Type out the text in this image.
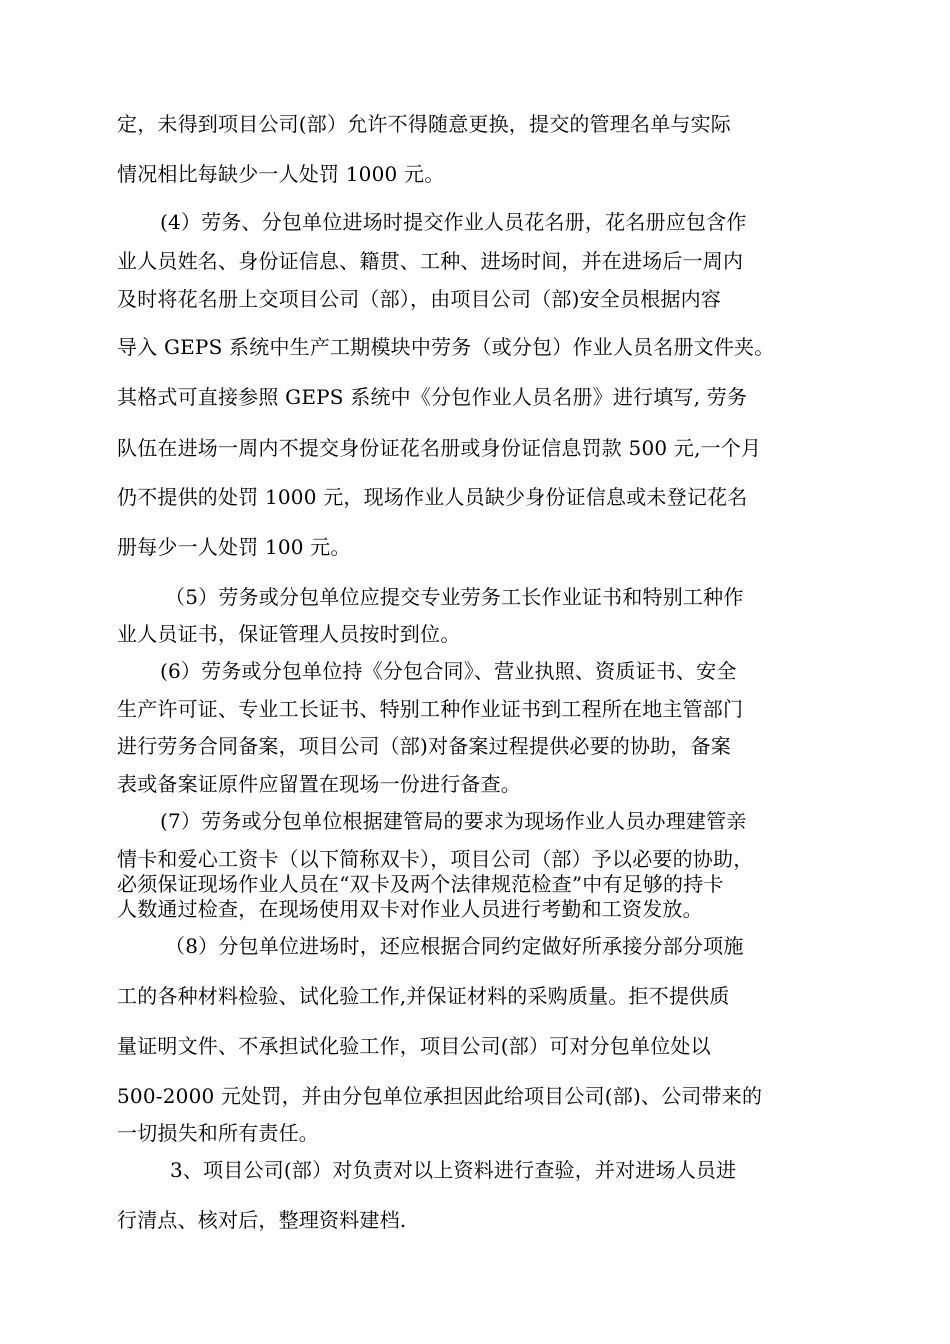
定，未得到项目公司(部）允许不得随意更换，提交的管理名单与实际
情况相比每缺少一人处罚 1000 元。
(4）劳务、分包单位进场时提交作业人员花名册，花名册应包含作
业人员姓名、身份证信息、籍贯、工种、进场时间，并在进场后一周内
及时将花名册上交项目公司（部），由项目公司（部)安全员根据内容
导入 GEPS 系统中生产工期模块中劳务（或分包）作业人员名册文件夹。
其格式可直接参照 GEPS 系统中《分包作业人员名册》进行填写, 劳务
队伍在进场一周内不提交身份证花名册或身份证信息罚款 500 元,一个月
仍不提供的处罚 1000 元，现场作业人员缺少身份证信息或未登记花名
册每少一人处罚 100 元。
（5）劳务或分包单位应提交专业劳务工长作业证书和特别工种作
业人员证书，保证管理人员按时到位。
(6）劳务或分包单位持《分包合同》、营业执照、资质证书、安全
生产许可证、专业工长证书、特别工种作业证书到工程所在地主管部门
进行劳务合同备案，项目公司（部)对备案过程提供必要的协助，备案
表或备案证原件应留置在现场一份进行备查。
(7）劳务或分包单位根据建管局的要求为现场作业人员办理建管亲
情卡和爱心工资卡（以下简称双卡），项目公司（部）予以必要的协助，
必须保证现场作业人员在“双卡及两个法律规范检查”中有足够的持卡
人数通过检查，在现场使用双卡对作业人员进行考勤和工资发放。
（8）分包单位进场时，还应根据合同约定做好所承接分部分项施
工的各种材料检验、试化验工作,并保证材料的采购质量。拒不提供质
量证明文件、不承担试化验工作，项目公司(部）可对分包单位处以
500-2000 元处罚，并由分包单位承担因此给项目公司(部)、公司带来的
一切损失和所有责任。
3、项目公司(部）对负责对以上资料进行查验，并对进场人员进
行清点、核对后，整理资料建档.
